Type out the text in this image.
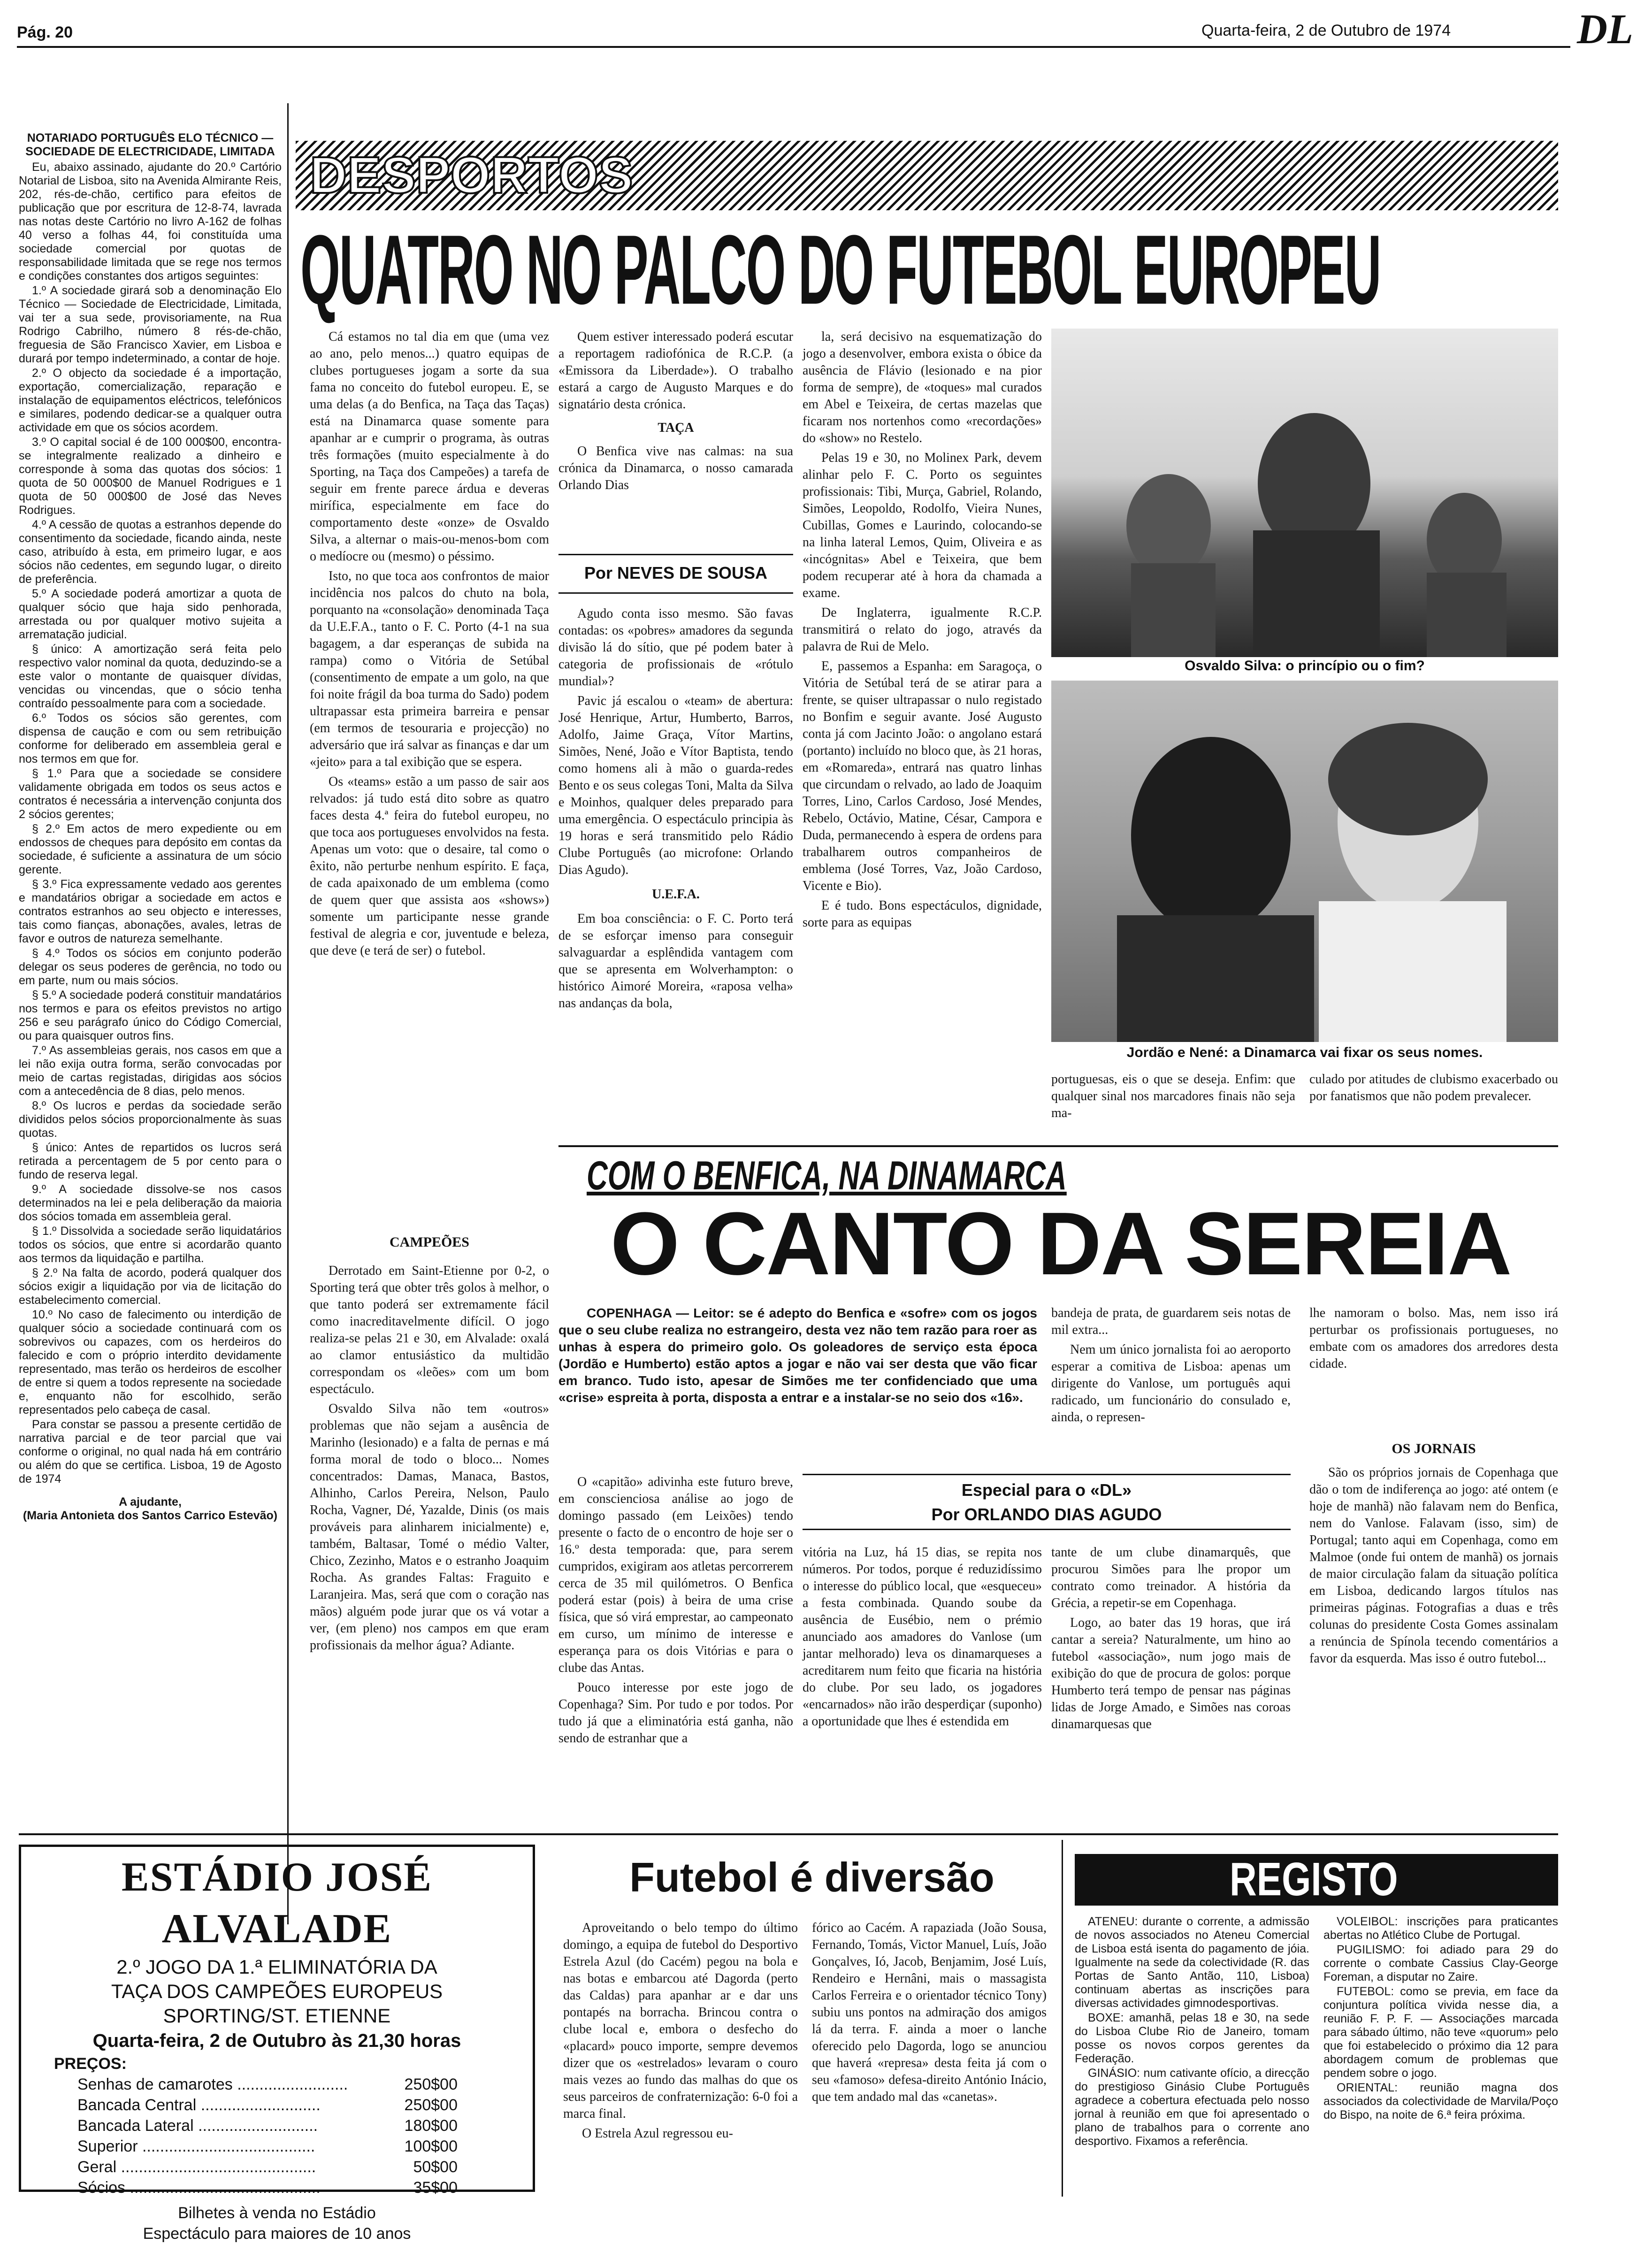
Pág. 20	Quarta-feira, 2 de Outubro de 1974	DL
NOTARIADO PORTUGUÊS ELO TÉCNICO — SOCIEDADE DE ELECTRICIDADE, LIMITADA

Eu, abaixo assinado, ajudante do 20.º Cartório Notarial de Lisboa, sito na Avenida Almirante Reis, 202, rés-de-chão, certifico para efeitos de publicação que por escritura de 12-8-74, lavrada nas notas deste Cartório no livro A-162 de folhas 40 verso a folhas 44, foi constituída uma sociedade comercial por quotas de responsabilidade limitada que se rege nos termos e condições constantes dos artigos seguintes:

1.º A sociedade girará sob a denominação Elo Técnico — Sociedade de Electricidade, Limitada, vai ter a sua sede, provisoriamente, na Rua Rodrigo Cabrilho, número 8 rés-de-chão, freguesia de São Francisco Xavier, em Lisboa e durará por tempo indeterminado, a contar de hoje.

2.º O objecto da sociedade é a importação, exportação, comercialização, reparação e instalação de equipamentos eléctricos, telefónicos e similares, podendo dedicar-se a qualquer outra actividade em que os sócios acordem.

3.º O capital social é de 100 000$00, encontra-se integralmente realizado a dinheiro e corresponde à soma das quotas dos sócios: 1 quota de 50 000$00 de Manuel Rodrigues e 1 quota de 50 000$00 de José das Neves Rodrigues.

4.º A cessão de quotas a estranhos depende do consentimento da sociedade, ficando ainda, neste caso, atribuído à esta, em primeiro lugar, e aos sócios não cedentes, em segundo lugar, o direito de preferência.

5.º A sociedade poderá amortizar a quota de qualquer sócio que haja sido penhorada, arrestada ou por qualquer motivo sujeita a arrematação judicial.

§ único: A amortização será feita pelo respectivo valor nominal da quota, deduzindo-se a este valor o montante de quaisquer dívidas, vencidas ou vincendas, que o sócio tenha contraído pessoalmente para com a sociedade.

6.º Todos os sócios são gerentes, com dispensa de caução e com ou sem retribuição conforme for deliberado em assembleia geral e nos termos em que for.

§ 1.º Para que a sociedade se considere validamente obrigada em todos os seus actos e contratos é necessária a intervenção conjunta dos 2 sócios gerentes;

§ 2.º Em actos de mero expediente ou em endossos de cheques para depósito em contas da sociedade, é suficiente a assinatura de um sócio gerente.

§ 3.º Fica expressamente vedado aos gerentes e mandatários obrigar a sociedade em actos e contratos estranhos ao seu objecto e interesses, tais como fianças, abonações, avales, letras de favor e outros de natureza semelhante.

§ 4.º Todos os sócios em conjunto poderão delegar os seus poderes de gerência, no todo ou em parte, num ou mais sócios.

§ 5.º A sociedade poderá constituir mandatários nos termos e para os efeitos previstos no artigo 256 e seu parágrafo único do Código Comercial, ou para quaisquer outros fins.

7.º As assembleias gerais, nos casos em que a lei não exija outra forma, serão convocadas por meio de cartas registadas, dirigidas aos sócios com a antecedência de 8 dias, pelo menos.

8.º Os lucros e perdas da sociedade serão divididos pelos sócios proporcionalmente às suas quotas.

§ único: Antes de repartidos os lucros será retirada a percentagem de 5 por cento para o fundo de reserva legal.

9.º A sociedade dissolve-se nos casos determinados na lei e pela deliberação da maioria dos sócios tomada em assembleia geral.

§ 1.º Dissolvida a sociedade serão liquidatários todos os sócios, que entre si acordarão quanto aos termos da liquidação e partilha.

§ 2.º Na falta de acordo, poderá qualquer dos sócios exigir a liquidação por via de licitação do estabelecimento comercial.

10.º No caso de falecimento ou interdição de qualquer sócio a sociedade continuará com os sobrevivos ou capazes, com os herdeiros do falecido e com o próprio interdito devidamente representado, mas terão os herdeiros de escolher de entre si quem a todos represente na sociedade e, enquanto não for escolhido, serão representados pelo cabeça de casal.

Para constar se passou a presente certidão de narrativa parcial e de teor parcial que vai conforme o original, no qual nada há em contrário ou além do que se certifica. Lisboa, 19 de Agosto de 1974

A ajudante,
(Maria Antonieta dos Santos Carrico Estevão)
DESPORTOS
QUATRO NO PALCO DO FUTEBOL EUROPEU

Cá estamos no tal dia em que (uma vez ao ano, pelo menos...) quatro equipas de clubes portugueses jogam a sorte da sua fama no conceito do futebol europeu. E, se uma delas (a do Benfica, na Taça das Taças) está na Dinamarca quase somente para apanhar ar e cumprir o programa, às outras três formações (muito especialmente à do Sporting, na Taça dos Campeões) a tarefa de seguir em frente parece árdua e deveras mirífica, especialmente em face do comportamento deste «onze» de Osvaldo Silva, a alternar o mais-ou-menos-bom com o medíocre ou (mesmo) o péssimo.

Isto, no que toca aos confrontos de maior incidência nos palcos do chuto na bola, porquanto na «consolação» denominada Taça da U.E.F.A., tanto o F. C. Porto (4-1 na sua bagagem, a dar esperanças de subida na rampa) como o Vitória de Setúbal (consentimento de empate a um golo, na que foi noite frágil da boa turma do Sado) podem ultrapassar esta primeira barreira e pensar (em termos de tesouraria e projecção) no adversário que irá salvar as finanças e dar um «jeito» para a tal exibição que se espera.

Os «teams» estão a um passo de sair aos relvados: já tudo está dito sobre as quatro faces desta 4.ª feira do futebol europeu, no que toca aos portugueses envolvidos na festa. Apenas um voto: que o desaire, tal como o êxito, não perturbe nenhum espírito. E faça, de cada apaixonado de um emblema (como de quem quer que assista aos «shows») somente um participante nesse grande festival de alegria e cor, juventude e beleza, que deve (e terá de ser) o futebol.

Quem estiver interessado poderá escutar a reportagem radiofónica de R.C.P. (a «Emissora da Liberdade»). O trabalho estará a cargo de Augusto Marques e do signatário desta crónica.

TAÇA

O Benfica vive nas calmas: na sua crónica da Dinamarca, o nosso camarada Orlando Dias

Por NEVES DE SOUSA

Agudo conta isso mesmo. São favas contadas: os «pobres» amadores da segunda divisão lá do sítio, que pé podem bater à categoria de profissionais de «rótulo mundial»?

Pavic já escalou o «team» de abertura: José Henrique, Artur, Humberto, Barros, Adolfo, Jaime Graça, Vítor Martins, Simões, Nené, João e Vítor Baptista, tendo como homens ali à mão o guarda-redes Bento e os seus colegas Toni, Malta da Silva e Moinhos, qualquer deles preparado para uma emergência. O espectáculo principia às 19 horas e será transmitido pelo Rádio Clube Português (ao microfone: Orlando Dias Agudo).

U.E.F.A.

Em boa consciência: o F. C. Porto terá de se esforçar imenso para conseguir salvaguardar a esplêndida vantagem com que se apresenta em Wolverhampton: o histórico Aimoré Moreira, «raposa velha» nas andanças da bola,

la, será decisivo na esquematização do jogo a desenvolver, embora exista o óbice da ausência de Flávio (lesionado e na pior forma de sempre), de «toques» mal curados em Abel e Teixeira, de certas mazelas que ficaram nos nortenhos como «recordações» do «show» no Restelo.

Pelas 19 e 30, no Molinex Park, devem alinhar pelo F. C. Porto os seguintes profissionais: Tibi, Murça, Gabriel, Rolando, Simões, Leopoldo, Rodolfo, Vieira Nunes, Cubillas, Gomes e Laurindo, colocando-se na linha lateral Lemos, Quim, Oliveira e as «incógnitas» Abel e Teixeira, que bem podem recuperar até à hora da chamada a exame.

De Inglaterra, igualmente R.C.P. transmitirá o relato do jogo, através da palavra de Rui de Melo.

E, passemos a Espanha: em Saragoça, o Vitória de Setúbal terá de se atirar para a frente, se quiser ultrapassar o nulo registado no Bonfim e seguir avante. José Augusto conta já com Jacinto João: o angolano estará (portanto) incluído no bloco que, às 21 horas, em «Romareda», entrará nas quatro linhas que circundam o relvado, ao lado de Joaquim Torres, Lino, Carlos Cardoso, José Mendes, Rebelo, Octávio, Matine, César, Campora e Duda, permanecendo à espera de ordens para trabalharem outros companheiros de emblema (José Torres, Vaz, João Cardoso, Vicente e Bio).

E é tudo. Bons espectáculos, dignidade, sorte para as equipas

Osvaldo Silva: o princípio ou o fim?
Jordão e Nené: a Dinamarca vai fixar os seus nomes.

portuguesas, eis o que se deseja. Enfim: que qualquer sinal nos marcadores finais não seja ma-

culado por atitudes de clubismo exacerbado ou por fanatismos que não podem prevalecer.

CAMPEÕES

Derrotado em Saint-Etienne por 0-2, o Sporting terá que obter três golos à melhor, o que tanto poderá ser extremamente fácil como inacreditavelmente difícil. O jogo realiza-se pelas 21 e 30, em Alvalade: oxalá ao clamor entusiástico da multidão correspondam os «leões» com um bom espectáculo.

Osvaldo Silva não tem «outros» problemas que não sejam a ausência de Marinho (lesionado) e a falta de pernas e má forma moral de todo o bloco... Nomes concentrados: Damas, Manaca, Bastos, Alhinho, Carlos Pereira, Nelson, Paulo Rocha, Vagner, Dé, Yazalde, Dinis (os mais prováveis para alinharem inicialmente) e, também, Baltasar, Tomé o médio Valter, Chico, Zezinho, Matos e o estranho Joaquim Rocha. As grandes Faltas: Fraguito e Laranjeira. Mas, será que com o coração nas mãos) alguém pode jurar que os vá votar a ver, (em pleno) nos campos em que eram profissionais da melhor água? Adiante.

COM O BENFICA, NA DINAMARCA
O CANTO DA SEREIA

COPENHAGA — Leitor: se é adepto do Benfica e «sofre» com os jogos que o seu clube realiza no estrangeiro, desta vez não tem razão para roer as unhas à espera do primeiro golo. Os goleadores de serviço esta época (Jordão e Humberto) estão aptos a jogar e não vai ser desta que vão ficar em branco. Tudo isto, apesar de Simões me ter confidenciado que uma «crise» espreita à porta, disposta a entrar e a instalar-se no seio dos «16».

O «capitão» adivinha este futuro breve, em conscienciosa análise ao jogo de domingo passado (em Leixões) tendo presente o facto de o encontro de hoje ser o 16.º desta temporada: que, para serem cumpridos, exigiram aos atletas percorrerem cerca de 35 mil quilómetros. O Benfica poderá estar (pois) à beira de uma crise física, que só virá emprestar, ao campeonato em curso, um mínimo de interesse e esperança para os dois Vitórias e para o clube das Antas.

Pouco interesse por este jogo de Copenhaga? Sim. Por tudo e por todos. Por tudo já que a eliminatória está ganha, não sendo de estranhar que a

bandeja de prata, de guardarem seis notas de mil extra...

Nem um único jornalista foi ao aeroporto esperar a comitiva de Lisboa: apenas um dirigente do Vanlose, um português aqui radicado, um funcionário do consulado e, ainda, o represen-

Especial para o «DL»
Por ORLANDO DIAS AGUDO

vitória na Luz, há 15 dias, se repita nos números. Por todos, porque é reduzidíssimo o interesse do público local, que «esqueceu» a festa combinada. Quando soube da ausência de Eusébio, nem o prémio anunciado aos amadores do Vanlose (um jantar melhorado) leva os dinamarqueses a acreditarem num feito que ficaria na história do clube. Por seu lado, os jogadores «encarnados» não irão desperdiçar (suponho) a oportunidade que lhes é estendida em

tante de um clube dinamarquês, que procurou Simões para lhe propor um contrato como treinador. A história da Grécia, a repetir-se em Copenhaga.

Logo, ao bater das 19 horas, que irá cantar a sereia? Naturalmente, um hino ao futebol «associação», num jogo mais de exibição do que de procura de golos: porque Humberto terá tempo de pensar nas páginas lidas de Jorge Amado, e Simões nas coroas dinamarquesas que

lhe namoram o bolso. Mas, nem isso irá perturbar os profissionais portugueses, no embate com os amadores dos arredores desta cidade.

OS JORNAIS

São os próprios jornais de Copenhaga que dão o tom de indiferença ao jogo: até ontem (e hoje de manhã) não falavam nem do Benfica, nem do Vanlose. Falavam (isso, sim) de Portugal; tanto aqui em Copenhaga, como em Malmoe (onde fui ontem de manhã) os jornais de maior circulação falam da situação política em Lisboa, dedicando largos títulos nas primeiras páginas. Fotografias a duas e três colunas do presidente Costa Gomes assinalam a renúncia de Spínola tecendo comentários a favor da esquerda. Mas isso é outro futebol...

ESTÁDIO JOSÉ ALVALADE
2.º JOGO DA 1.ª ELIMINATÓRIA DA
TAÇA DOS CAMPEÕES EUROPEUS
SPORTING/ST. ETIENNE
Quarta-feira, 2 de Outubro às 21,30 horas
PREÇOS:
Senhas de camarotes .........................	250$00
Bancada Central ...........................	250$00
Bancada Lateral ...........................	180$00
Superior .......................................	100$00
Geral ............................................	50$00
Sócios ...........................................	35$00
Bilhetes à venda no Estádio
Espectáculo para maiores de 10 anos
Futebol é diversão

Aproveitando o belo tempo do último domingo, a equipa de futebol do Desportivo Estrela Azul (do Cacém) pegou na bola e nas botas e embarcou até Dagorda (perto das Caldas) para apanhar ar e dar uns pontapés na borracha. Brincou contra o clube local e, embora o desfecho do «placard» pouco importe, sempre devemos dizer que os «estrelados» levaram o couro mais vezes ao fundo das malhas do que os seus parceiros de confraternização: 6-0 foi a marca final.

O Estrela Azul regressou eu-

fórico ao Cacém. A rapaziada (João Sousa, Fernando, Tomás, Victor Manuel, Luís, João Gonçalves, Ió, Jacob, Benjamim, José Luís, Rendeiro e Hernâni, mais o massagista Carlos Ferreira e o orientador técnico Tony) subiu uns pontos na admiração dos amigos lá da terra. F. ainda a moer o lanche oferecido pelo Dagorda, logo se anunciou que haverá «represa» desta feita já com o seu «famoso» defesa-direito António Inácio, que tem andado mal das «canetas».

REGISTO

ATENEU: durante o corrente, a admissão de novos associados no Ateneu Comercial de Lisboa está isenta do pagamento de jóia. Igualmente na sede da colectividade (R. das Portas de Santo Antão, 110, Lisboa) continuam abertas as inscrições para diversas actividades gimnodesportivas.

BOXE: amanhã, pelas 18 e 30, na sede do Lisboa Clube Rio de Janeiro, tomam posse os novos corpos gerentes da Federação.

GINÁSIO: num cativante ofício, a direcção do prestigioso Ginásio Clube Português agradece a cobertura efectuada pelo nosso jornal à reunião em que foi apresentado o plano de trabalhos para o corrente ano desportivo. Fixamos a referência.

VOLEIBOL: inscrições para praticantes abertas no Atlético Clube de Portugal.

PUGILISMO: foi adiado para 29 do corrente o combate Cassius Clay-George Foreman, a disputar no Zaire.

FUTEBOL: como se previa, em face da conjuntura política vivida nesse dia, a reunião F. P. F. — Associações marcada para sábado último, não teve «quorum» pelo que foi estabelecido o próximo dia 12 para abordagem comum de problemas que pendem sobre o jogo.

ORIENTAL: reunião magna dos associados da colectividade de Marvila/Poço do Bispo, na noite de 6.ª feira próxima.
